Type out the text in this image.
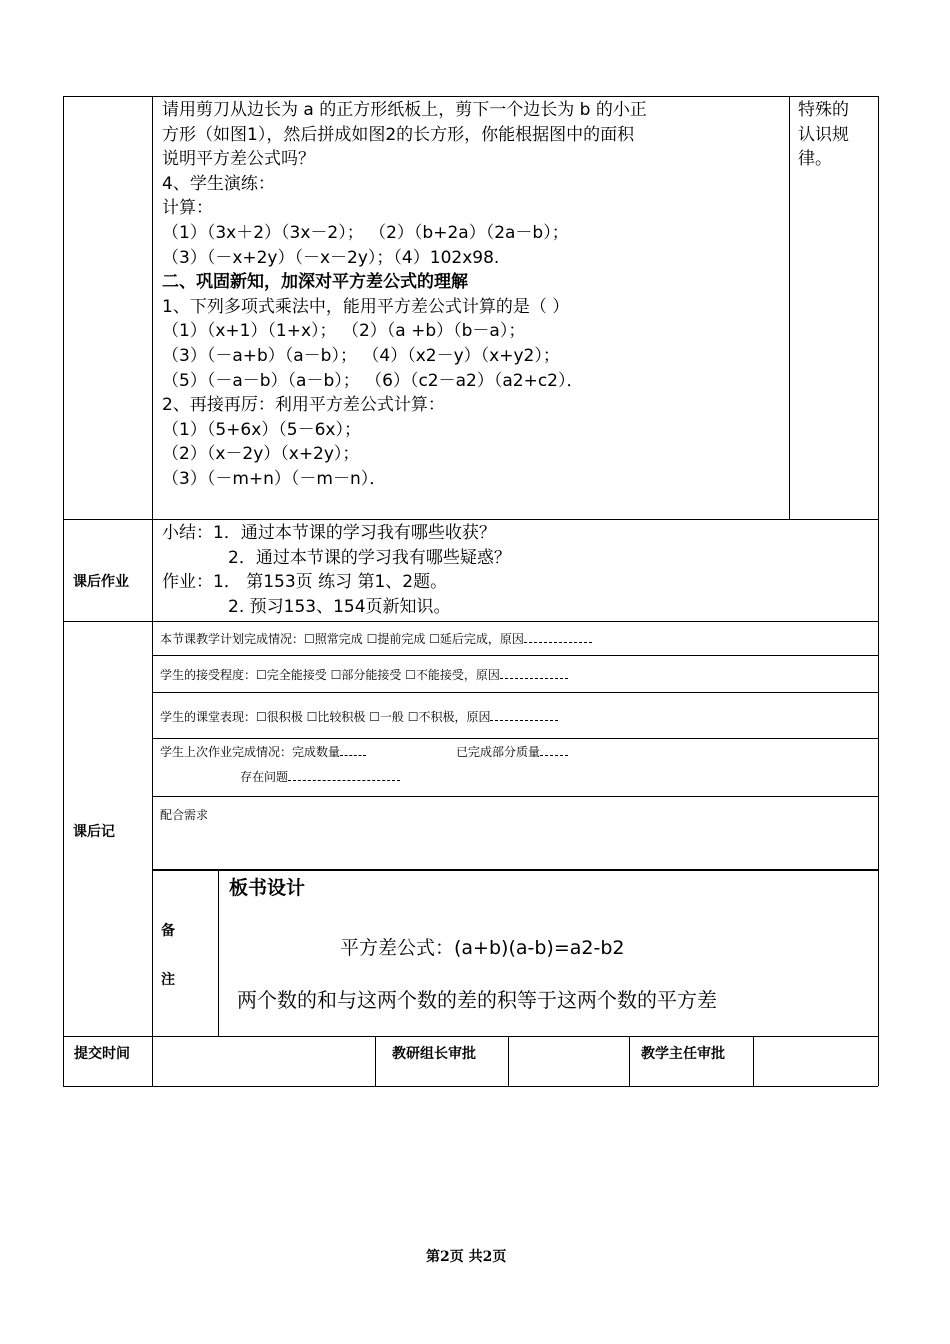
请用剪刀从边长为 a 的正方形纸板上，剪下一个边长为 b 的小正
方形（如图1），然后拼成如图2的长方形，你能根据图中的面积
说明平方差公式吗？
4、学生演练：
计算：
（1）（3x＋2）（3x－2）； （2）（b+2a）（2a－b）；
（3）（－x+2y）（－x－2y）；（4）102x98.
二、巩固新知，加深对平方差公式的理解
1、下列多项式乘法中，能用平方差公式计算的是（ ）
（1）（x+1）（1+x）； （2）（a +b）（b－a）；
（3）（－a+b）（a－b）； （4）（x2－y）（x+y2）；
（5）（－a－b）（a－b）； （6）（c2－a2）（a2+c2）．
2、再接再厉：利用平方差公式计算：
（1）（5+6x）（5－6x）；
（2）（x－2y）（x+2y）；
（3）（－m+n）（－m－n）．
特殊的
认识规
律。
课后作业
小结：1．通过本节课的学习我有哪些收获？
2．通过本节课的学习我有哪些疑惑？
作业：1． 第153页 练习 第1、2题。
2. 预习153、154页新知识。
课后记
本节课教学计划完成情况：☐照常完成 ☐提前完成 ☐延后完成，原因
学生的接受程度：☐完全能接受 ☐部分能接受 ☐不能接受，原因
学生的课堂表现：☐很积极 ☐比较积极 ☐一般 ☐不积极，原因
学生上次作业完成情况：完成数量	已完成部分质量
存在问题
配合需求
备
注
板书设计
平方差公式：(a+b)(a-b)=a2-b2
两个数的和与这两个数的差的积等于这两个数的平方差
提交时间	教研组长审批	教学主任审批
第2页 共2页
